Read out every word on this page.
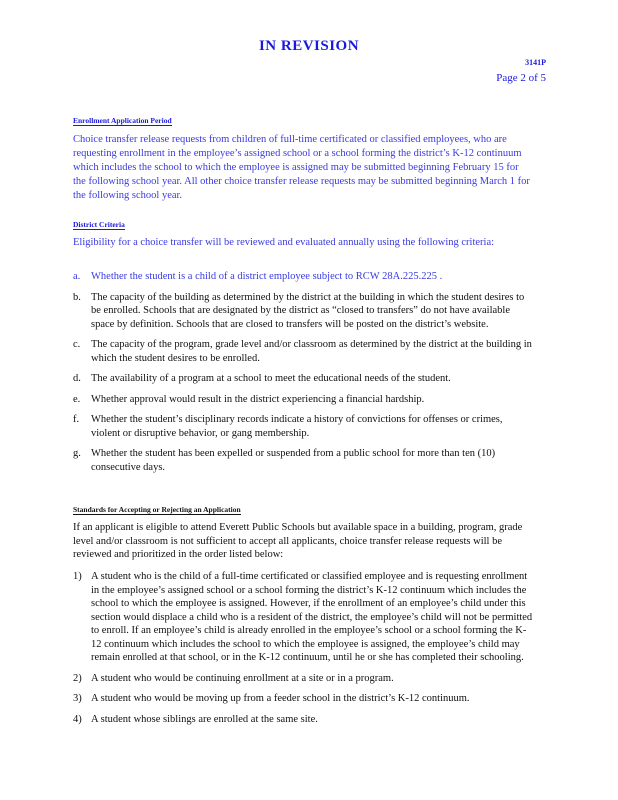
IN REVISION
3141P
Page 2 of 5
Enrollment Application Period
Choice transfer release requests from children of full-time certificated or classified employees, who are requesting enrollment in the employee’s assigned school or a school forming the district’s K-12 continuum which includes the school to which the employee is assigned may be submitted beginning February 15 for the following school year. All other choice transfer release requests may be submitted beginning March 1 for the following school year.
District Criteria
Eligibility for a choice transfer will be reviewed and evaluated annually using the following criteria:
a.	Whether the student is a child of a district employee subject to RCW 28A.225.225 .
b. The capacity of the building as determined by the district at the building in which the student desires to be enrolled. Schools that are designated by the district as “closed to transfers” do not have available space by definition. Schools that are closed to transfers will be posted on the district’s website.
c.	The capacity of the program, grade level and/or classroom as determined by the district at the building in which the student desires to be enrolled.
d. The availability of a program at a school to meet the educational needs of the student.
e.	Whether approval would result in the district experiencing a financial hardship.
f.	Whether the student’s disciplinary records indicate a history of convictions for offenses or crimes, violent or disruptive behavior, or gang membership.
g. Whether the student has been expelled or suspended from a public school for more than ten (10) consecutive days.
Standards for Accepting or Rejecting an Application
If an applicant is eligible to attend Everett Public Schools but available space in a building, program, grade level and/or classroom is not sufficient to accept all applicants, choice transfer release requests will be reviewed and prioritized in the order listed below:
1) A student who is the child of a full-time certificated or classified employee and is requesting enrollment in the employee’s assigned school or a school forming the district’s K-12 continuum which includes the school to which the employee is assigned. However, if the enrollment of an employee’s child under this section would displace a child who is a resident of the district, the employee’s child will not be permitted to enroll. If an employee’s child is already enrolled in the employee’s school or a school forming the K-12 continuum which includes the school to which the employee is assigned, the employee’s child may remain enrolled at that school, or in the K-12 continuum, until he or she has completed their schooling.
2) A student who would be continuing enrollment at a site or in a program.
3) A student who would be moving up from a feeder school in the district’s K-12 continuum.
4) A student whose siblings are enrolled at the same site.
